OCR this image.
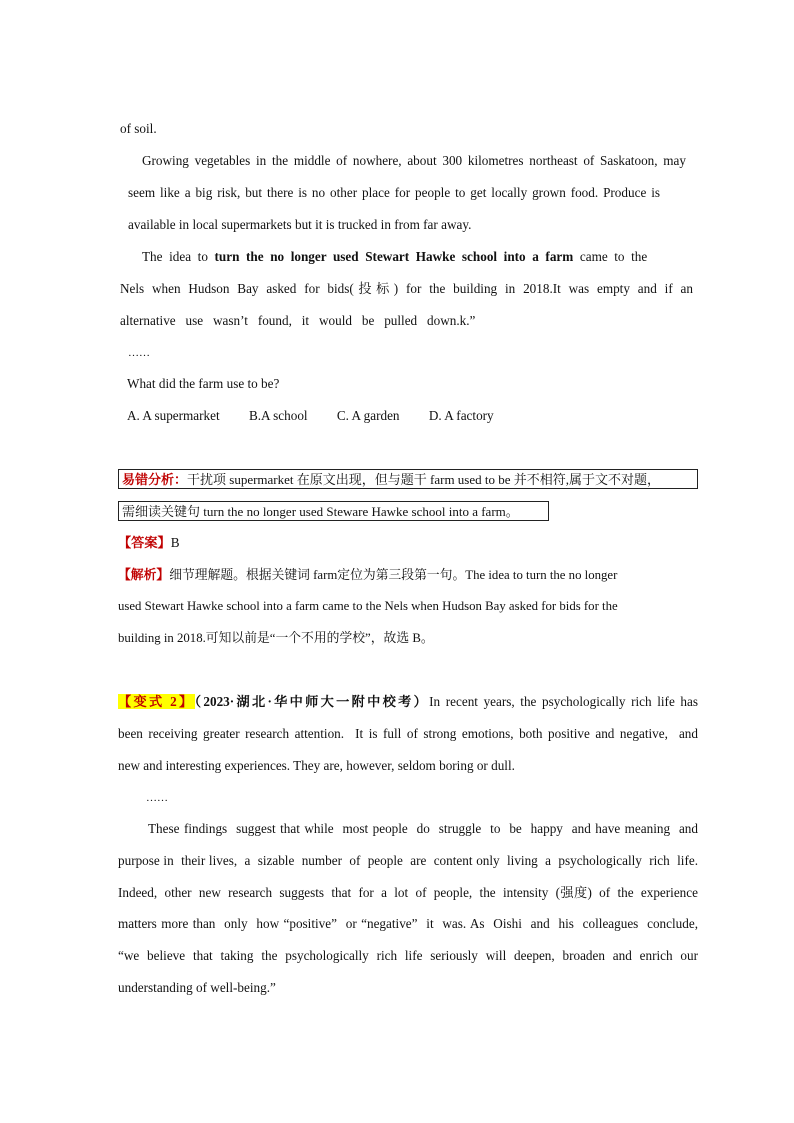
of soil.
Growing vegetables in the middle of nowhere, about 300 kilometres northeast of Saskatoon, may
seem like a big risk, but there is no other place for people to get locally grown food. Produce is
available in local supermarkets but it is trucked in from far away.
The  idea  to  turn  the  no  longer  used  Stewart  Hawke  school  into  a  farm  came  to  the
Nels when Hudson Bay asked for bids(投标) for the building in 2018.It was empty and if an
alternative   use   wasn’t   found,   it   would   be   pulled   down.k.”
……
What did the farm use to be?
A. A supermarket B.A school C. A garden D. A factory
易错分析：干扰项 supermarket 在原文出现，但与题干 farm used to be 并不相符,属于文不对题，
需细读关键句 turn the no longer used Steware Hawke school into a farm。
【答案】B
【解析】细节理解题。根据关键词 farm定位为第三段第一句。The idea to turn the no longer
used Stewart Hawke school into a farm came to the Nels when Hudson Bay asked for bids for the
building in 2018.可知以前是“一个不用的学校”，故选 B。
【变式 2】（2023·湖北·华中师大一附中校考）In recent years, the psychologically rich life has
been receiving greater research attention.  It is full of strong emotions, both positive and negative,  and
new and interesting experiences. They are, however, seldom boring or dull.
……
These findings  suggest that while  most people  do  struggle  to  be  happy  and have meaning  and
purpose in  their lives,  a  sizable  number  of  people  are  content only  living  a  psychologically  rich  life.
Indeed,  other  new  research  suggests  that  for  a  lot  of  people,  the  intensity  (强度)  of  the  experience
matters more than  only  how “positive”  or “negative”  it  was. As  Oishi  and  his  colleagues  conclude,
“we  believe  that  taking  the  psychologically  rich  life  seriously  will  deepen,  broaden  and  enrich  our
understanding of well-being.”
